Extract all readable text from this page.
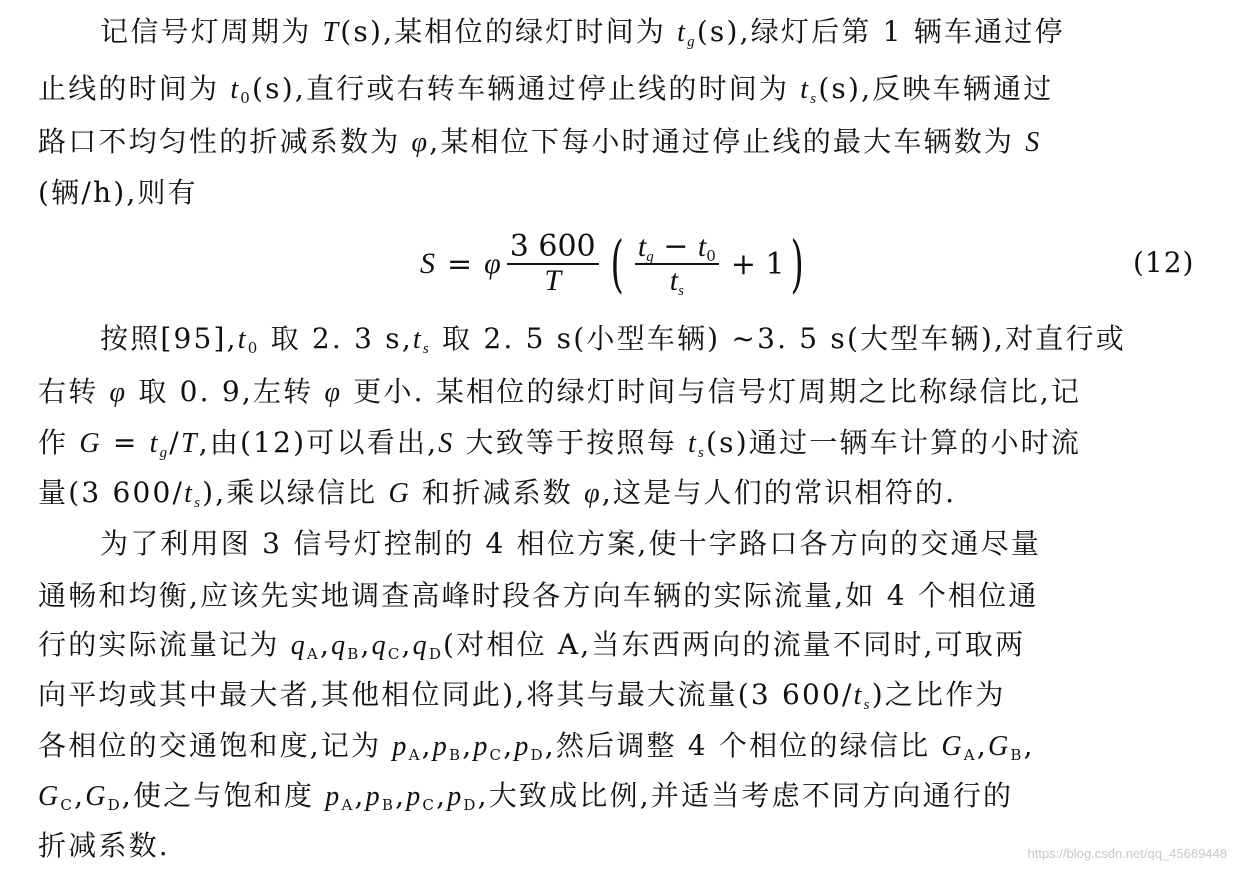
记信号灯周期为 T(s),某相位的绿灯时间为 $t_g(s)$,绿灯后第 1 辆车通过停
止线的时间为 $t_0(s)$,直行或右转车辆通过停止线的时间为 $t_s(s)$,反映车辆通过
路口不均匀性的折减系数为 φ,某相位下每小时通过停止线的最大车辆数为 S
(辆/h),则有
S = φ $\frac{3 600}{T}$ ( $\frac{t_g - t_0}{t_s} + 1$ )	(12)
按照$[95],t_0$ 取 2. 3 $s,t_s$ 取 2. 5 s(小型车辆) ~3. 5 s(大型车辆),对直行或
右转 φ 取 0. 9,左转 φ 更小. 某相位的绿灯时间与信号灯周期之比称绿信比,记
作 $G = t_g/T$,由(12)可以看出,S 大致等于按照每 $t_s(s)$通过一辆车计算的小时流
量(3 $600/t_s$),乘以绿信比 G 和折减系数 φ,这是与人们的常识相符的.
为了利用图 3 信号灯控制的 4 相位方案,使十字路口各方向的交通尽量
通畅和均衡,应该先实地调查高峰时段各方向车辆的实际流量,如 4 个相位通
行的实际流量记为 $q_A,q_B,q_C,q_D$(对相位 A,当东西两向的流量不同时,可取两
向平均或其中最大者,其他相位同此),将其与最大流量(3 $600/t_s$)之比作为
各相位的交通饱和度,记为 $p_A,p_B,p_C,p_D$,然后调整 4 个相位的绿信比 $G_A,G_B$,
$G_C,G_D$,使之与饱和度 $p_A,p_B,p_C,p_D$,大致成比例,并适当考虑不同方向通行的
折减系数.	https://blog.csdn.net/qq_45669448
